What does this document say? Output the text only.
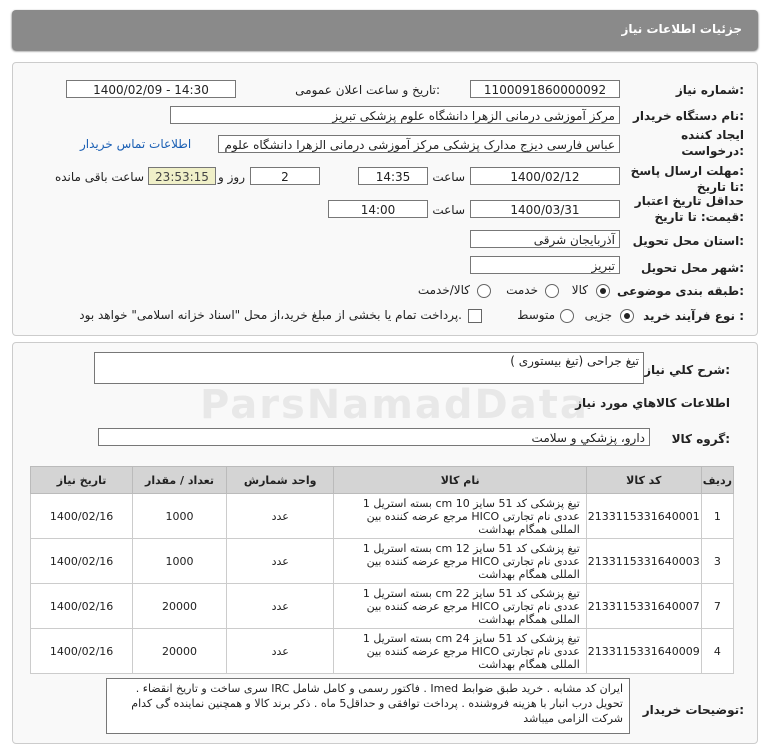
جزئیات اطلاعات نیاز
شماره نیاز:
1100091860000092
تاریخ و ساعت اعلان عمومی:
1400/02/09 - 14:30
نام دستگاه خریدار:
مرکز آموزشی درمانی الزهرا دانشگاه علوم پزشکی تبریز
ایجاد کننده
درخواست:
عباس فارسی دیزج مدارک پزشکی مرکز آموزشی درمانی الزهرا دانشگاه علوم
اطلاعات تماس خریدار
مهلت ارسال پاسخ:
تا تاریخ:
1400/02/12
ساعت
14:35
2
روز و
23:53:15
ساعت باقی مانده
حداقل تاریخ اعتبار
قیمت: تا تاریخ:
1400/03/31
ساعت
14:00
استان محل تحویل:
آذربایجان شرقی
شهر محل تحویل:
تبریز
طبقه بندی موضوعی:
کالا
خدمت
کالا/خدمت
نوع فرآیند خرید :
جزیی
متوسط
پرداخت تمام یا بخشی از مبلغ خرید،از محل "اسناد خزانه اسلامی" خواهد بود.
شرح کلي نياز:
تیغ جراحی (تیغ بیستوری )
اطلاعات کالاهاي مورد نياز
گروه کالا:
دارو، پزشکي و سلامت
ردیف	کد کالا	نام کالا	واحد شمارش	تعداد / مقدار	تاریخ نیاز
1	2133115331640001	تیغ پزشکی کد 51 سایز 10 cm بسته استریل 1 عددی نام تجارتی HICO مرجع عرضه کننده بین المللی همگام بهداشت	عدد	1000	1400/02/16
3	2133115331640003	تیغ پزشکی کد 51 سایز 12 cm بسته استریل 1 عددی نام تجارتی HICO مرجع عرضه کننده بین المللی همگام بهداشت	عدد	1000	1400/02/16
7	2133115331640007	تیغ پزشکی کد 51 سایز 22 cm بسته استریل 1 عددی نام تجارتی HICO مرجع عرضه کننده بین المللی همگام بهداشت	عدد	20000	1400/02/16
4	2133115331640009	تیغ پزشکی کد 51 سایز 24 cm بسته استریل 1 عددی نام تجارتی HICO مرجع عرضه کننده بین المللی همگام بهداشت	عدد	20000	1400/02/16
توضیحات خریدار:
ایران کد مشابه . خرید طبق ضوابط Imed . فاکتور رسمی و کامل شامل IRC سری ساخت و تاریخ انقضاء . تحویل درب انبار با هزینه فروشنده . پرداخت توافقی و حداقل5 ماه . ذکر برند کالا و همچنین نماینده گی کدام شرکت الزامی میباشد
